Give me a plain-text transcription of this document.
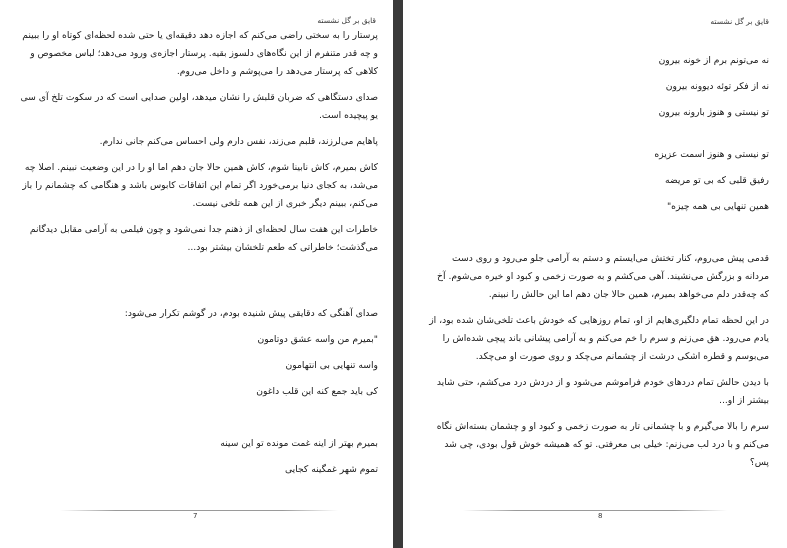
قایق بر گل نشسته

پرستار را به سختی راضی می‌کنم که اجازه دهد دقیقه‌ای یا حتی شده لحظه‌ای کوتاه او را ببینم و چه قدر متنفرم از این نگاه‌های دلسوز بقیه. پرستار اجازه‌ی ورود می‌دهد؛ لباس مخصوص و کلاهی که پرستار می‌دهد را می‌پوشم و داخل می‌روم.

صدای دستگاهی که ضربان قلبش را نشان میدهد، اولین صدایی است که در سکوت تلخ آی سی یو پیچیده است.

پاهایم می‌لرزند، قلبم می‌زند، نفس دارم ولی احساس می‌کنم جانی ندارم.

کاش بمیرم، کاش نابینا شوم، کاش همین حالا جان دهم اما او را در این وضعیت نبینم. اصلا چه می‌شد، به کجای دنیا برمی‌خورد اگر تمام این اتفاقات کابوس باشد و هنگامی که چشمانم را باز می‌کنم، ببینم دیگر خبری از این همه تلخی نیست.

خاطرات این هفت سال لحظه‌ای از ذهنم جدا نمی‌شود و چون فیلمی به آرامی مقابل دیدگانم می‌گذشت؛ خاطراتی که طعم تلخشان بیشتر بود...

صدای آهنگی که دقایقی پیش شنیده بودم، در گوشم تکرار می‌شود:

"بمیرم من واسه عشق دوتامون
واسه تنهایی بی انتهامون
کی باید جمع کنه این قلب داغون
بمیرم بهتر از اینه غمت مونده تو این سینه
تموم شهر غمگینه کجایی
7
قایق بر گل نشسته
نه می‌تونم برم از خونه بیرون
نه از فکر توئه دیوونه بیرون
تو نیستی و هنوز بارونه بیرون
تو نیستی و هنوز اسمت عزیزه
رفیق قلبی که بی تو مریضه
همین تنهایی بی همه چیزه"

قدمی پیش می‌روم، کنار تختش می‌ایستم و دستم به آرامی جلو می‌رود و روی دست مردانه و بزرگش می‌نشیند. آهی می‌کشم و به صورت زخمی و کبود او خیره می‌شوم. آخ که چه‌قدر دلم می‌خواهد بمیرم، همین حالا جان دهم اما این حالش را نبینم.

در این لحظه تمام دلگیری‌هایم از او، تمام روزهایی که خودش باعث تلخی‌شان شده بود، از یادم می‌رود. هق می‌زنم و سرم را خم می‌کنم و به آرامی پیشانی باند پیچی شده‌اش را می‌بوسم و قطره اشکی درشت از چشمانم می‌چکد و روی صورت او می‌چکد.

با دیدن حالش تمام دردهای خودم فراموشم می‌شود و از دردش درد می‌کشم، حتی شاید بیشتر از او...

سرم را بالا می‌گیرم و با چشمانی تار به صورت زخمی و کبود او و چشمان بسته‌اش نگاه می‌کنم و با درد لب می‌زنم: خیلی بی معرفتی. تو که همیشه خوش قول بودی، چی شد پس؟

8
